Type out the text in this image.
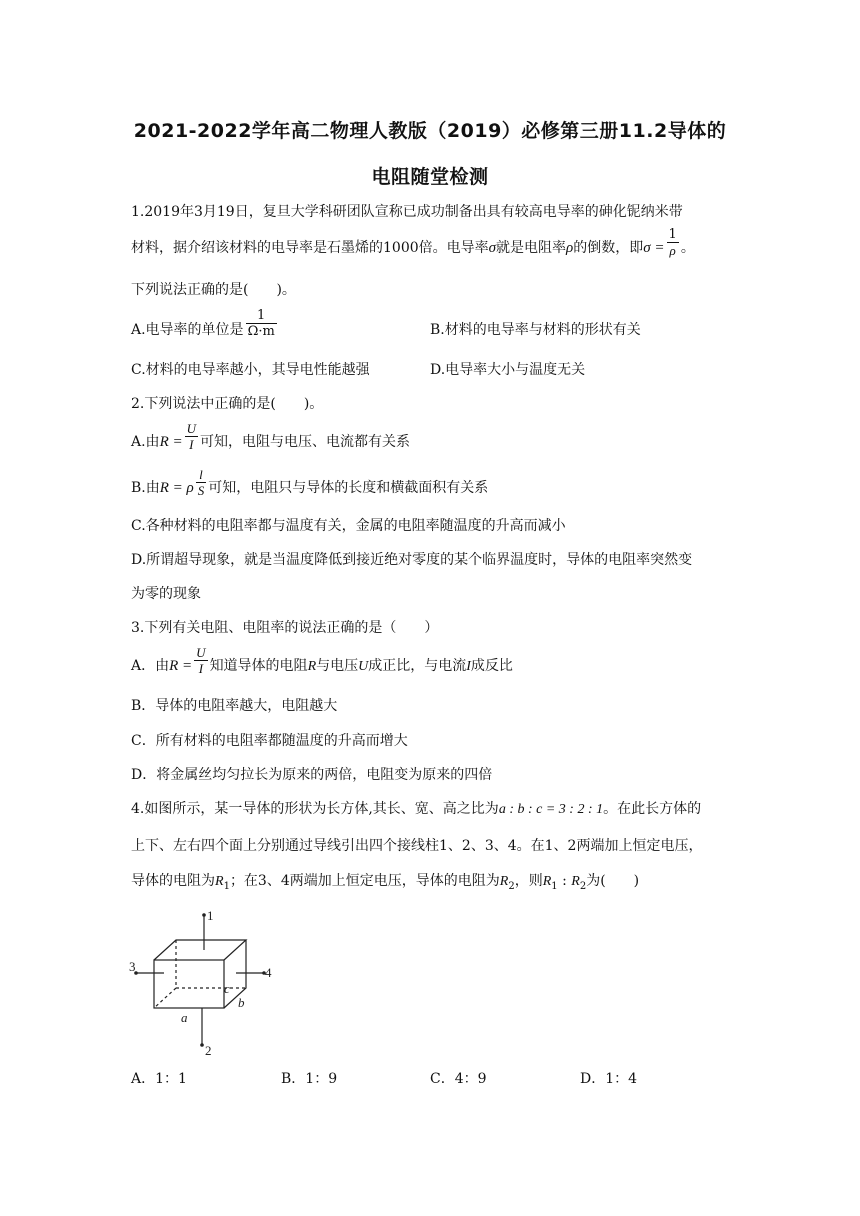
2021-2022学年高二物理人教版（2019）必修第三册11.2导体的
电阻随堂检测
1.2019年3月19日，复旦大学科研团队宣称已成功制备出具有较高电导率的砷化铌纳米带
材料，据介绍该材料的电导率是石墨烯的1000倍。电导率σ就是电阻率ρ的倒数，即$\sigma = \frac{1}{\rho}$ 。
下列说法正确的是(　　)。
A.电导率的单位是 $\frac{1}{\Omega\cdot m}$	B.材料的电导率与材料的形状有关
C.材料的电导率越小，其导电性能越强	D.电导率大小与温度无关
2.下列说法中正确的是(　　)。
A.由$R = \frac{U}{I}$ 可知，电阻与电压、电流都有关系
B.由R = ρ $\frac{l}{S}$ 可知，电阻只与导体的长度和横截面积有关系
C.各种材料的电阻率都与温度有关，金属的电阻率随温度的升高而减小
D.所谓超导现象，就是当温度降低到接近绝对零度的某个临界温度时，导体的电阻率突然变
为零的现象
3.下列有关电阻、电阻率的说法正确的是（　　）
A．由$R = \frac{U}{I}$ 知道导体的电阻R与电压U成正比，与电流I成反比
B．导体的电阻率越大，电阻越大
C．所有材料的电阻率都随温度的升高而增大
D．将金属丝均匀拉长为原来的两倍，电阻变为原来的四倍
4.如图所示，某一导体的形状为长方体,其长、宽、高之比为a : b : c = 3 : 2 : 1。在此长方体的
上下、左右四个面上分别通过导线引出四个接线柱1、2、3、4。在1、2两端加上恒定电压，
导体的电阻为$R_1$；在3、4两端加上恒定电压，导体的电阻为$R_2$，则$R_1$ : $R_2$为(　　)
1
2
3	4
a
b
c
A．1：1	B．1：9	C．4：9	D．1：4
